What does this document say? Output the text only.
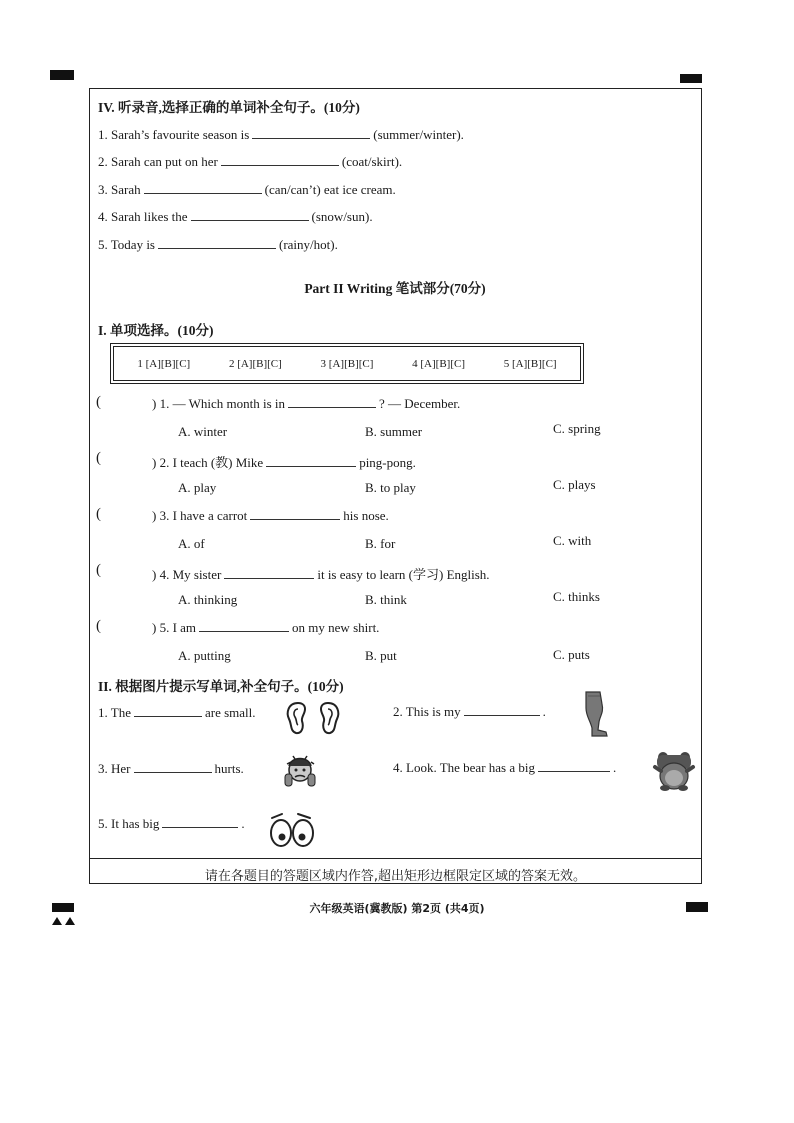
IV. 听录音,选择正确的单词补全句子。(10分)
1. Sarah’s favourite season is	(summer/winter).
2. Sarah can put on her	(coat/skirt).
3. Sarah	(can/can’t) eat ice cream.
4. Sarah likes the	(snow/sun).
5. Today is	(rainy/hot).
Part II Writing 笔试部分(70分)
I. 单项选择。(10分)
(	) 1. — Which month is in	? — December.
A. winter	B. summer	C. spring
(	) 2. I teach (教) Mike	ping-pong.
A. play	B. to play	C. plays
(	) 3. I have a carrot	his nose.
A. of	B. for	C. with
(	) 4. My sister	it is easy to learn (学习) English.
A. thinking	B. think	C. thinks
(	) 5. I am	on my new shirt.
A. putting	B. put	C. puts
II. 根据图片提示写单词,补全句子。(10分)
1. The	are small.	2. This is my	.
3. Her	hurts.	4. Look. The bear has a big	.
5. It has big	.
请在各题目的答题区域内作答,超出矩形边框限定区域的答案无效。
1 [A][B][C]	2 [A][B][C]	3 [A][B][C]	4 [A][B][C]	5 [A][B][C]
六年级英语(冀教版) 第2页 (共4页)
